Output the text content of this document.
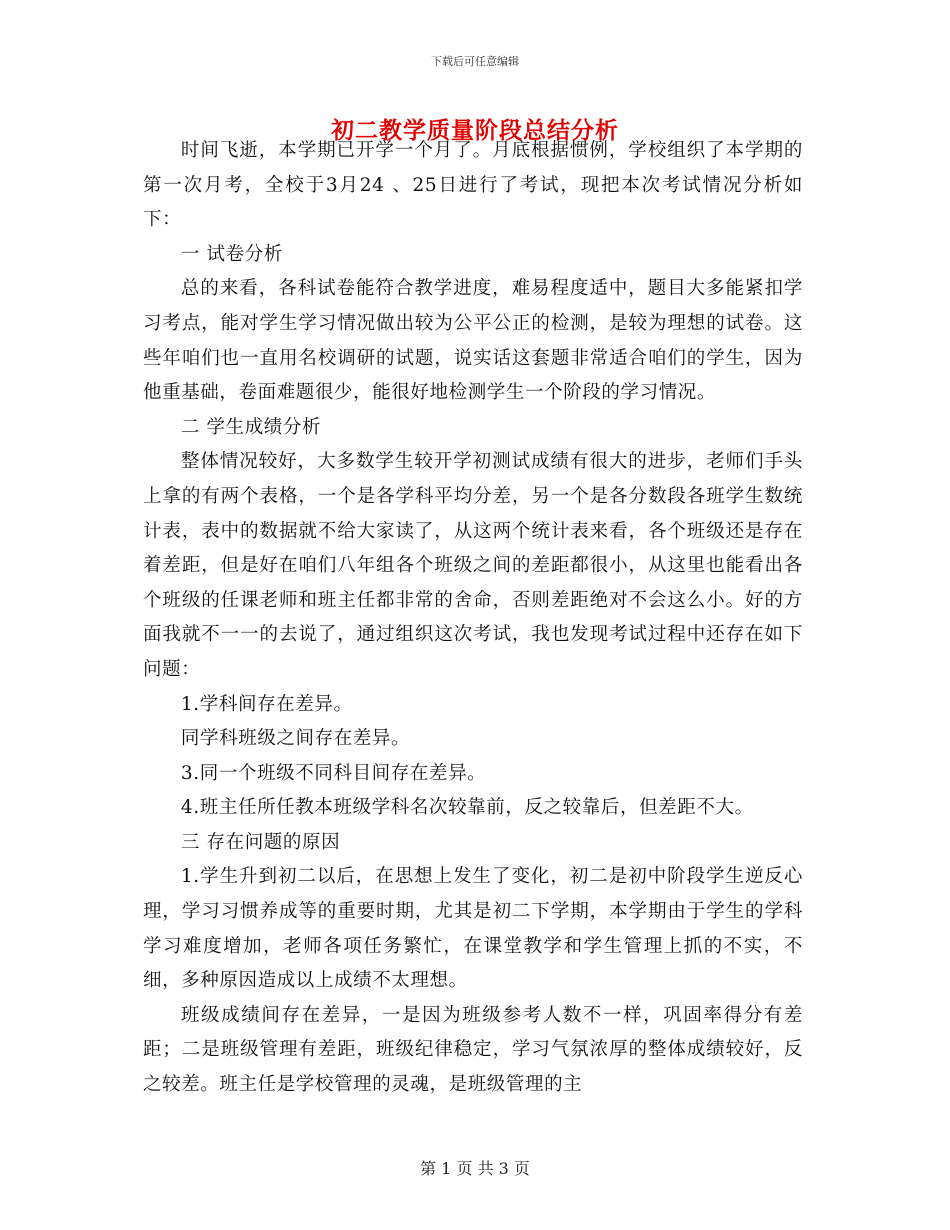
下载后可任意编辑
初二教学质量阶段总结分析

时间飞逝，本学期已开学一个月了。月底根据惯例，学校组织了本学期的第一次月考，全校于3月24 、25日进行了考试，现把本次考试情况分析如下：

一 试卷分析

总的来看，各科试卷能符合教学进度，难易程度适中，题目大多能紧扣学习考点，能对学生学习情况做出较为公平公正的检测，是较为理想的试卷。这些年咱们也一直用名校调研的试题，说实话这套题非常适合咱们的学生，因为他重基础，卷面难题很少，能很好地检测学生一个阶段的学习情况。

二 学生成绩分析

整体情况较好，大多数学生较开学初测试成绩有很大的进步，老师们手头上拿的有两个表格，一个是各学科平均分差，另一个是各分数段各班学生数统计表，表中的数据就不给大家读了，从这两个统计表来看，各个班级还是存在着差距，但是好在咱们八年组各个班级之间的差距都很小，从这里也能看出各个班级的任课老师和班主任都非常的舍命，否则差距绝对不会这么小。好的方面我就不一一的去说了，通过组织这次考试，我也发现考试过程中还存在如下问题：

1.学科间存在差异。

同学科班级之间存在差异。

3.同一个班级不同科目间存在差异。

4.班主任所任教本班级学科名次较靠前，反之较靠后，但差距不大。

三 存在问题的原因

1.学生升到初二以后，在思想上发生了变化，初二是初中阶段学生逆反心理，学习习惯养成等的重要时期，尤其是初二下学期，本学期由于学生的学科学习难度增加，老师各项任务繁忙，在课堂教学和学生管理上抓的不实，不细，多种原因造成以上成绩不太理想。

班级成绩间存在差异，一是因为班级参考人数不一样，巩固率得分有差距；二是班级管理有差距，班级纪律稳定，学习气氛浓厚的整体成绩较好，反之较差。班主任是学校管理的灵魂，是班级管理的主

第 1 页 共 3 页
